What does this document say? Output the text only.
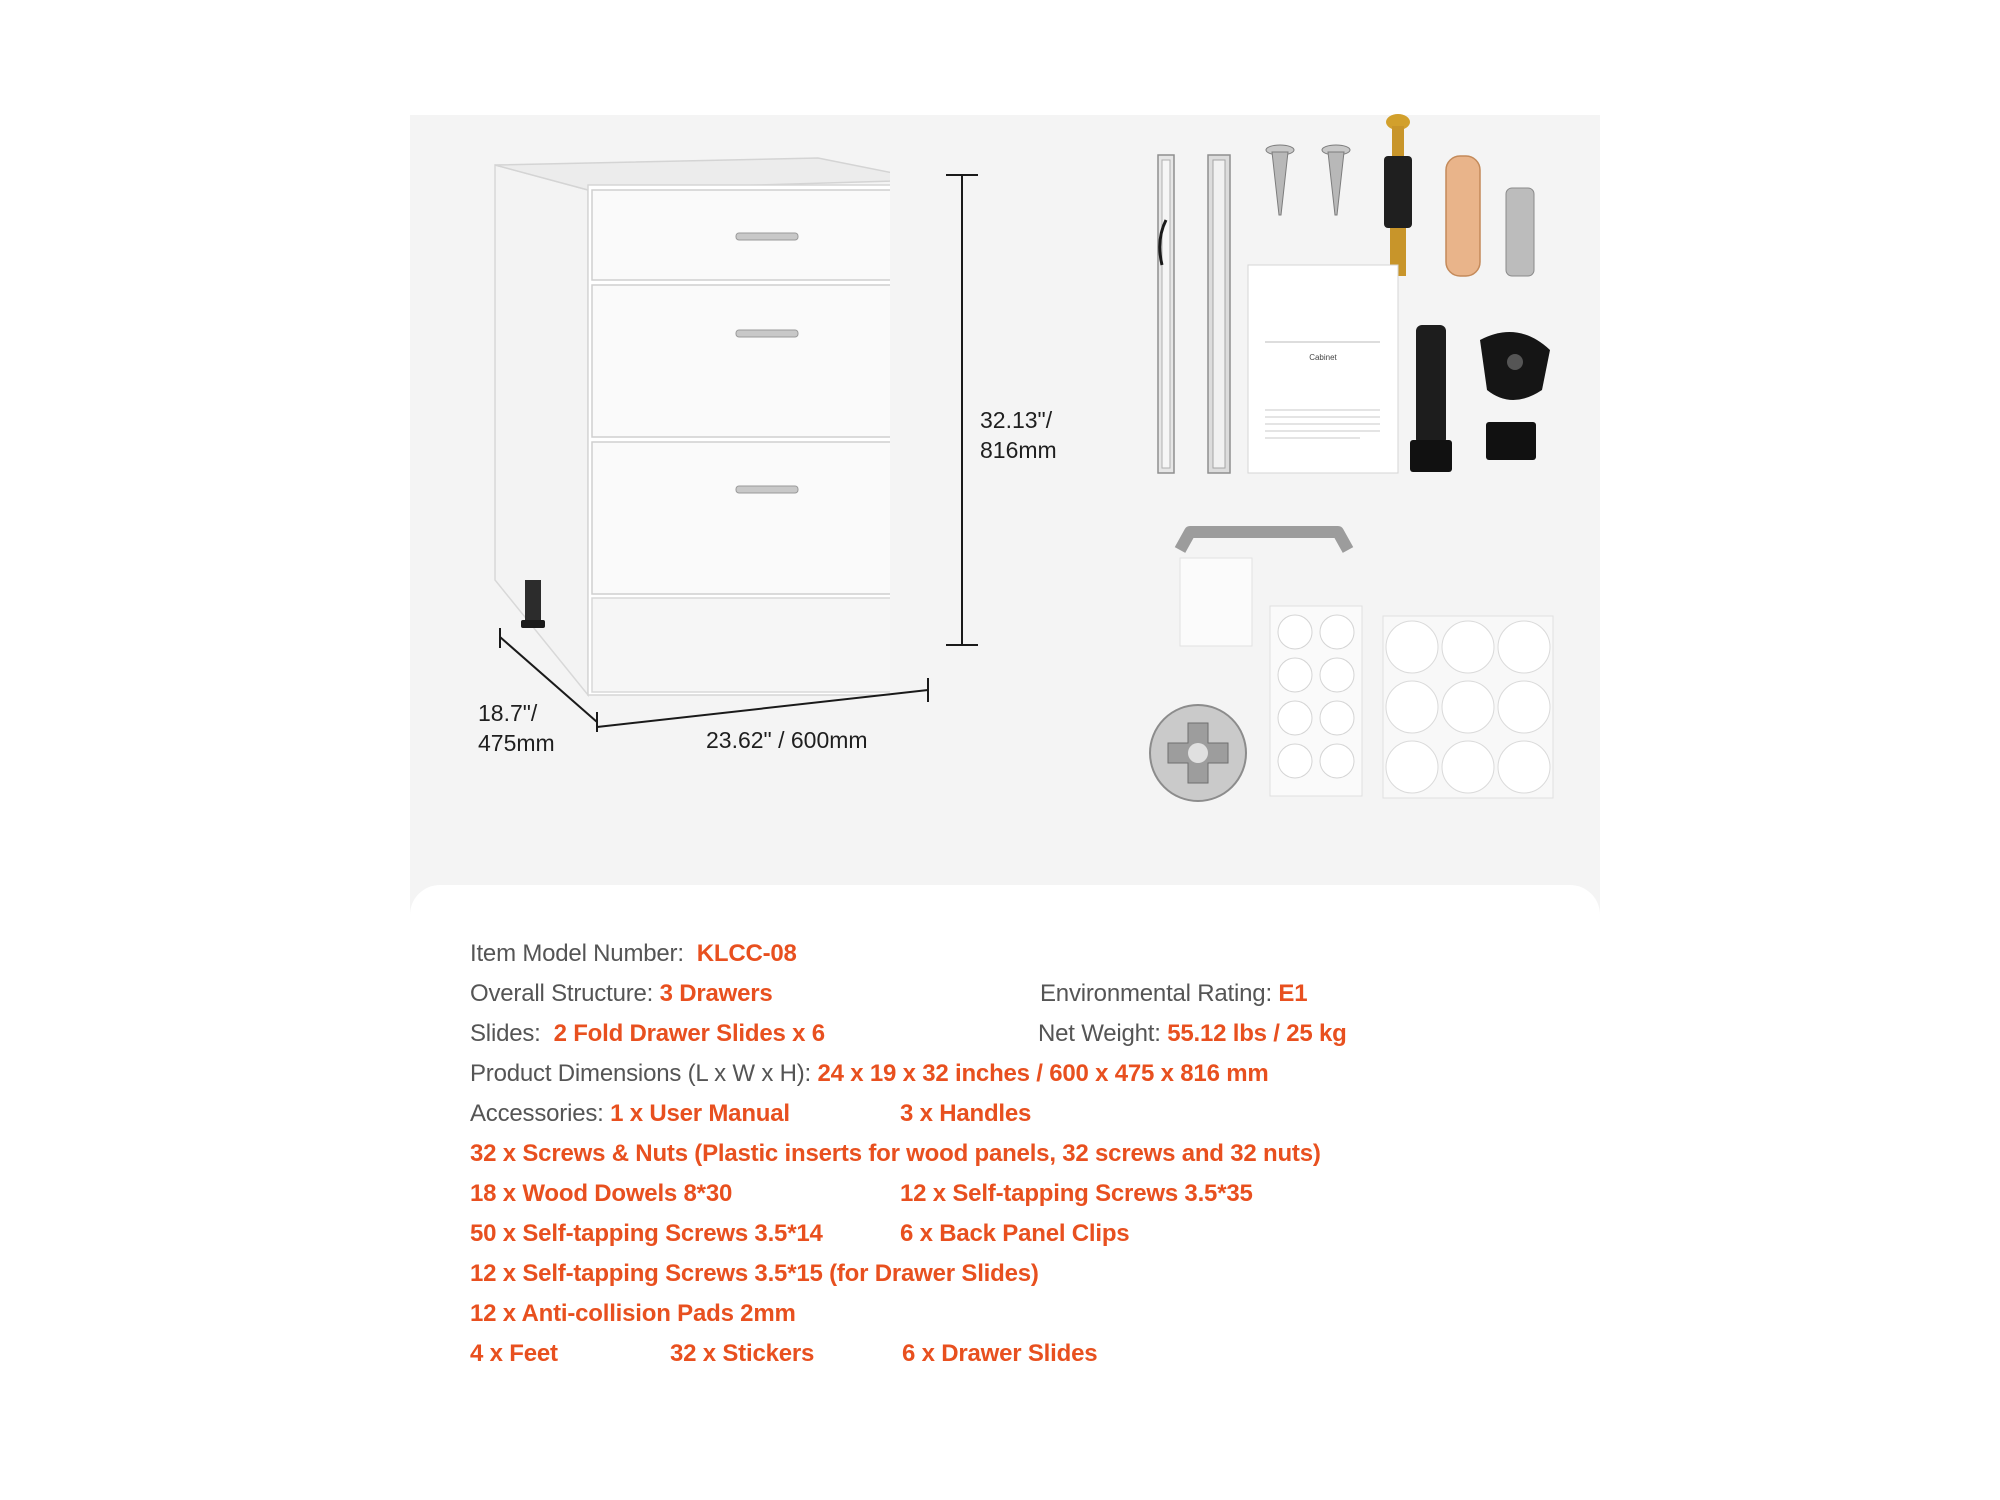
32.13"/
816mm
18.7"/
475mm	23.62" / 600mm
Cabinet
Item Model Number: KLCC-08
Overall Structure: 3 Drawers	Environmental Rating: E1
Slides: 2 Fold Drawer Slides x 6	Net Weight: 55.12 lbs / 25 kg
Product Dimensions (L x W x H): 24 x 19 x 32 inches / 600 x 475 x 816 mm
Accessories: 1 x User Manual	3 x Handles
32 x Screws & Nuts (Plastic inserts for wood panels, 32 screws and 32 nuts)
18 x Wood Dowels 8*30	12 x Self-tapping Screws 3.5*35
50 x Self-tapping Screws 3.5*14	6 x Back Panel Clips
12 x Self-tapping Screws 3.5*15 (for Drawer Slides)
12 x Anti-collision Pads 2mm
4 x Feet	32 x Stickers	6 x Drawer Slides
